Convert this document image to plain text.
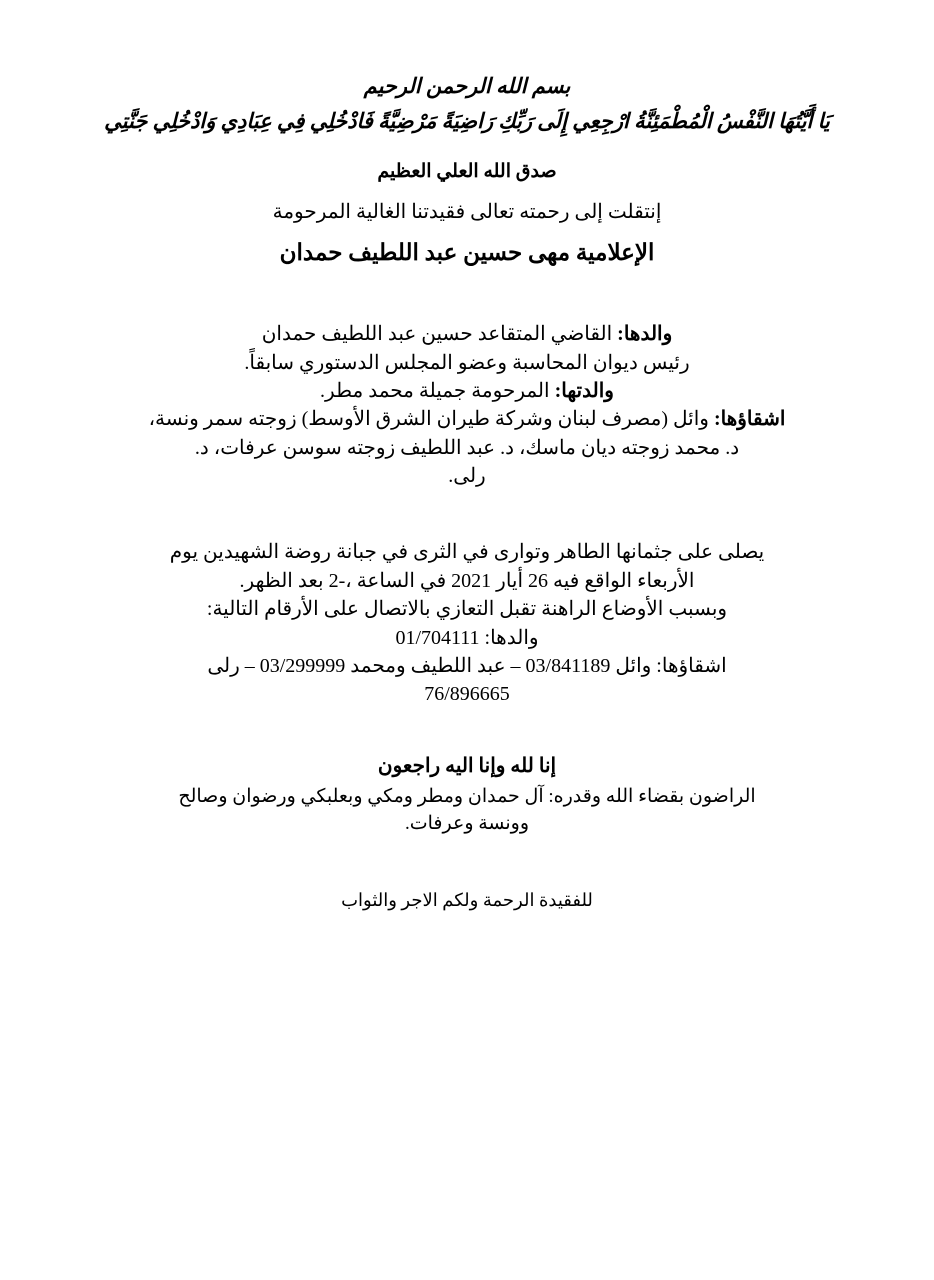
بسم الله الرحمن الرحيم
يَا أَيَّتُهَا النَّفْسُ الْمُطْمَئِنَّةُ ارْجِعِي إِلَى رَبِّكِ رَاضِيَةً مَرْضِيَّةً فَادْخُلِي فِي عِبَادِي وَادْخُلِي جَنَّتِي
صدق الله العلي العظيم
إنتقلت إلى رحمته تعالى فقيدتنا الغالية المرحومة
الإعلامية مهى حسين عبد اللطيف حمدان
والدها: القاضي المتقاعد حسين عبد اللطيف حمدان
رئيس ديوان المحاسبة وعضو المجلس الدستوري سابقاً.
والدتها: المرحومة جميلة محمد مطر.
اشقاؤها: وائل (مصرف لبنان وشركة طيران الشرق الأوسط) زوجته سمر ونسة،
د. محمد زوجته ديان ماسك، د. عبد اللطيف زوجته سوسن عرفات، د.
رلى.
يصلى على جثمانها الطاهر وتوارى في الثرى في جبانة روضة الشهيدين يوم
الأربعاء الواقع فيه 26 أيار 2021 في الساعة ،-2 بعد الظهر.
وبسبب الأوضاع الراهنة تقبل التعازي بالاتصال على الأرقام التالية:
والدها: 01/704111
اشقاؤها: وائل 03/841189 – عبد اللطيف ومحمد 03/299999 – رلى
76/896665
إنا لله وإنا اليه راجعون
الراضون بقضاء الله وقدره: آل حمدان ومطر ومكي وبعلبكي ورضوان وصالح
وونسة وعرفات.
للفقيدة الرحمة ولكم الاجر والثواب
